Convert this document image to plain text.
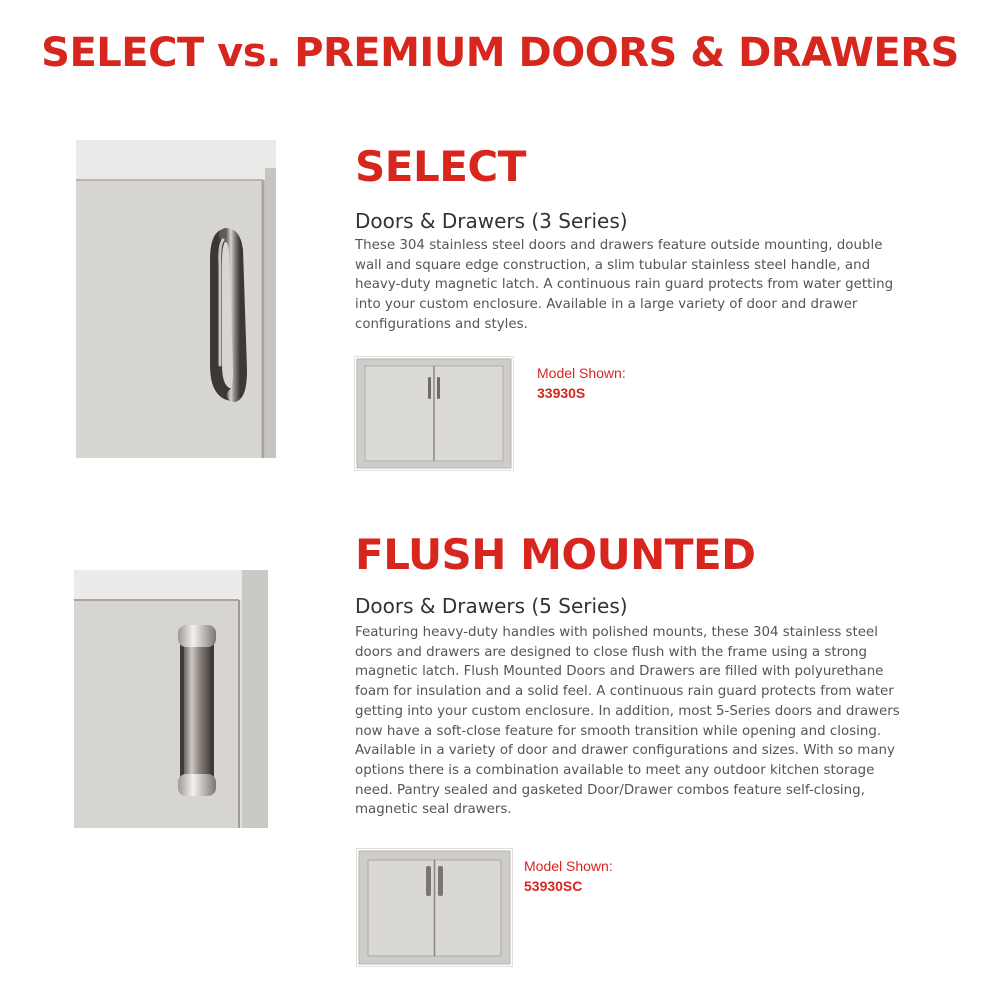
SELECT vs. PREMIUM DOORS & DRAWERS
SELECT
Doors & Drawers (3 Series)

These 304 stainless steel doors and drawers feature outside mounting, double wall and square edge construction, a slim tubular stainless steel handle, and heavy-duty magnetic latch. A continuous rain guard protects from water getting into your custom enclosure. Available in a large variety of door and drawer configurations and styles.

Model Shown:
33930S
FLUSH MOUNTED
Doors & Drawers (5 Series)

Featuring heavy-duty handles with polished mounts, these 304 stainless steel doors and drawers are designed to close flush with the frame using a strong magnetic latch. Flush Mounted Doors and Drawers are filled with polyurethane foam for insulation and a solid feel. A continuous rain guard protects from water getting into your custom enclosure. In addition, most 5-Series doors and drawers now have a soft-close feature for smooth transition while opening and closing. Available in a variety of door and drawer configurations and sizes. With so many options there is a combination available to meet any outdoor kitchen storage need. Pantry sealed and gasketed Door/Drawer combos feature self-closing, magnetic seal drawers.

Model Shown:
53930SC
